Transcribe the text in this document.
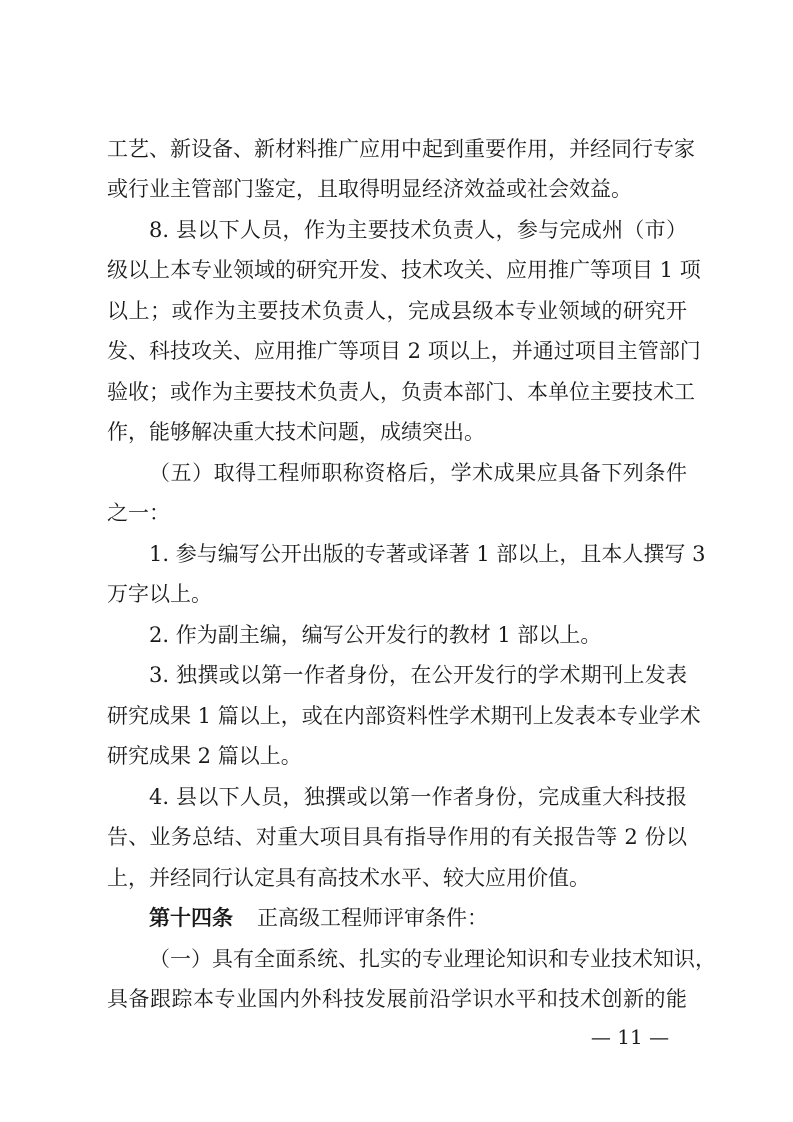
工艺、新设备、新材料推广应用中起到重要作用，并经同行专家
或行业主管部门鉴定，且取得明显经济效益或社会效益。
8. 县以下人员，作为主要技术负责人，参与完成州（市）
级以上本专业领域的研究开发、技术攻关、应用推广等项目 1 项
以上；或作为主要技术负责人，完成县级本专业领域的研究开
发、科技攻关、应用推广等项目 2 项以上，并通过项目主管部门
验收；或作为主要技术负责人，负责本部门、本单位主要技术工
作，能够解决重大技术问题，成绩突出。
（五）取得工程师职称资格后，学术成果应具备下列条件
之一：
1. 参与编写公开出版的专著或译著 1 部以上，且本人撰写 3
万字以上。
2. 作为副主编，编写公开发行的教材 1 部以上。
3. 独撰或以第一作者身份，在公开发行的学术期刊上发表
研究成果 1 篇以上，或在内部资料性学术期刊上发表本专业学术
研究成果 2 篇以上。
4. 县以下人员，独撰或以第一作者身份，完成重大科技报
告、业务总结、对重大项目具有指导作用的有关报告等 2 份以
上，并经同行认定具有高技术水平、较大应用价值。
第十四条 正高级工程师评审条件：
（一）具有全面系统、扎实的专业理论知识和专业技术知识，
具备跟踪本专业国内外科技发展前沿学识水平和技术创新的能
— 11 —
